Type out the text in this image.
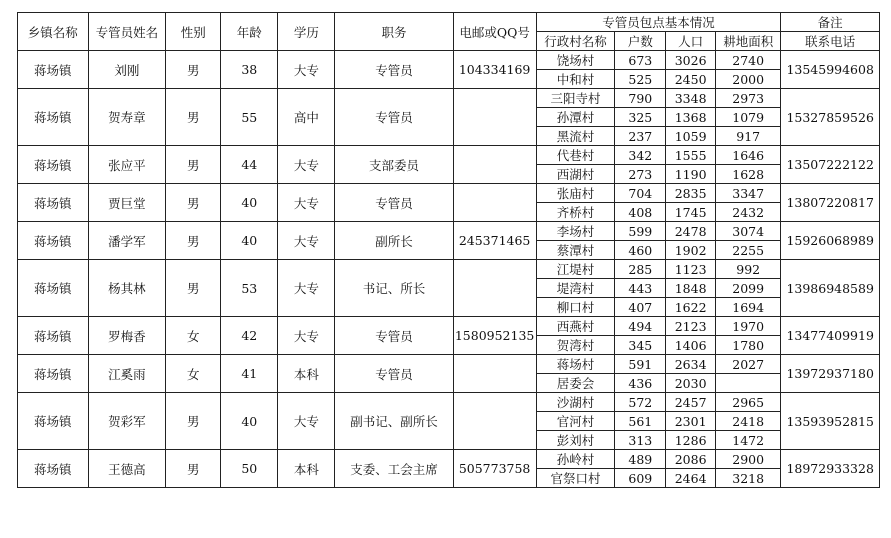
乡镇名称	专管员姓名	性别	年龄	学历	职务	电邮或QQ号	专管员包点基本情况				备注
							行政村名称	户数	人口	耕地面积	联系电话
蒋场镇	刘刚	男	38	大专	专管员	104334169	饶场村	673	3026	2740	13545994608
							中和村	525	2450	2000	
蒋场镇	贺寿章	男	55	高中	专管员		三阳寺村	790	3348	2973	15327859526
							孙潭村	325	1368	1079	
							黑流村	237	1059	917	
蒋场镇	张应平	男	44	大专	支部委员		代巷村	342	1555	1646	13507222122
							西湖村	273	1190	1628	
蒋场镇	贾巨堂	男	40	大专	专管员		张庙村	704	2835	3347	13807220817
							齐桥村	408	1745	2432	
蒋场镇	潘学军	男	40	大专	副所长	245371465	李场村	599	2478	3074	15926068989
							蔡潭村	460	1902	2255	
蒋场镇	杨其林	男	53	大专	书记、所长		江堤村	285	1123	992	13986948589
							堤湾村	443	1848	2099	
							柳口村	407	1622	1694	
蒋场镇	罗梅香	女	42	大专	专管员	1580952135	西燕村	494	2123	1970	13477409919
							贺湾村	345	1406	1780	
蒋场镇	江奚雨	女	41	本科	专管员		蒋场村	591	2634	2027	13972937180
							居委会	436	2030		
蒋场镇	贺彩军	男	40	大专	副书记、副所长		沙湖村	572	2457	2965	13593952815
							官河村	561	2301	2418	
							彭刘村	313	1286	1472	
蒋场镇	王德高	男	50	本科	支委、工会主席	505773758	孙岭村	489	2086	2900	18972933328
							官祭口村	609	2464	3218	
